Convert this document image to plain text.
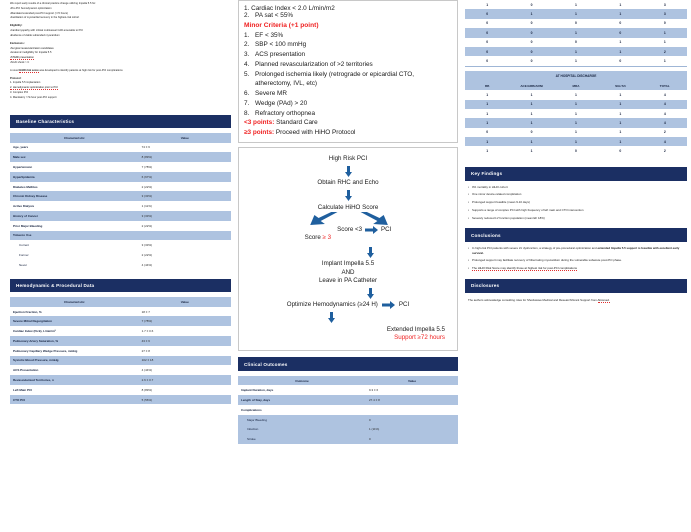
We report early results of a clinical practice change utilizing Impella 5.5 for:

•Pre-PCI hemodynamic optimization

•Mandated extended post-PCI support (>72 hours)

•Facilitation of myocardial recovery in the highest-risk cohort

Eligibility:

•Cardiomyopathy with critical multivessel CAD amenable to PCI

•Evidence of viable subtended myocardium

Exclusions:

•Surgical revascularization candidates

•Anatomic ineligibility for Impella 5.5

•STEMI presentation

•SCAI shock > C

A novel HiHO risk score was developed to identify patients at high risk for post-PCI complications

Protocol:

1. Impella 5.5 implantation

2. Hemodynamic optimization prior to PCI

3. Complex PCI

4. Mandatory >72-hour post-PCI support

Baseline Characteristics
Characteristic	Value
Age, years	74 ± 6
Male sex	8 (89%)
Hypertension	7 (78%)
Hyperlipidemia	6 (67%)
Diabetes Mellitus	2 (22%)
Chronic Kidney Disease	3 (33%)
Active Dialysis	1 (11%)
History of Cancer	3 (33%)
Prior Major Bleeding	2 (22%)
Tobacco Use	
Current	3 (33%)
Former	2 (22%)
Never	4 (44%)
Hemodynamic & Procedural Data
Characteristic	Value
Ejection Fraction, %	18 ± 7
Severe Mitral Regurgitation	7 (78%)
Cardiac Index (Fick), L/min/m²	1.7 ± 0.6
Pulmonary Artery Saturation, %	43 ± 6
Pulmonary Capillary Wedge Pressure, mmHg	27 ± 8
Systolic Blood Pressure, mmHg	102 ± 18
ACS Presentation	4 (44%)
Revascularized Territories, n	2.6 ± 0.7
Left Main PCI	8 (89%)
CTO PCI	5 (56%)
1. Cardiac Index < 2.0 L/min/m2
2. PA sat < 55%
Minor Criteria (+1 point)
1. EF < 35%
2. SBP < 100 mmHg
3. ACS presentation
4. Planned revascularization of >2 territories
5. Prolonged ischemia likely (retrograde or epicardial CTO, atherectomy, IVL, etc)
6. Severe MR
7. Wedge (PAd) > 20
8. Refractory orthopnea
<3 points: Standard Care
≥3 points: Proceed with HiHO Protocol
High Risk PCI
Obtain RHC and Echo
Calculate HiHO Score
Score ≥ 3
Score <3	PCI
Implant Impella 5.5
AND
Leave in PA Catheter
Optimize Hemodynamics (≥24 H)	PCI
Extended Impella 5.5
Support ≥72 hours
Clinical Outcomes
Outcome	Value
Implant Duration, days	9.3 ± 6
Length of Stay, days	27.4 ± 8
Complications	
Major Bleeding	0
Infection	1 (11%)
Stroke	0
1	0	1	1	3
0	1	1	1	3
0	0	0	0	0
0	0	1	0	1
0	0	0	1	1
0	0	1	1	2
0	0	1	0	1
AT HOSPITAL DISCHARGE				
BB	ACE/ARB/ARNI	MRA	SGLT2i	TOTAL
1	1	1	1	4
1	1	1	1	4
1	1	1	1	4
1	1	1	1	4
0	0	1	1	2
1	1	1	1	4
1	1	0	0	2
Key Findings
▪	0% mortality in HiHO cohort
▪	One minor device-related complication
▪	Prolonged support feasible (mean 9-10 days)
▪	Supports a range of complex PCI with high frequency of left main and CTO intervention
▪	Severely reduced LV function population (mean EF 18%)
Conclusions
▪	In high-risk PCI patients with severe LV dysfunction, a strategy of pre-procedural optimization and extended Impella 5.5 support is feasible with excellent early survival.
▪	Prolonged support may facilitate recovery of hibernating myocardium during the vulnerable subacute post-PCI phase.
▪	The HiHO Risk Score may identify those at highest risk for post-PCI complications
Disclosures
The authors acknowledge consulting roles for Shockwave Medical and Research/Grant Support from Abiomed.
